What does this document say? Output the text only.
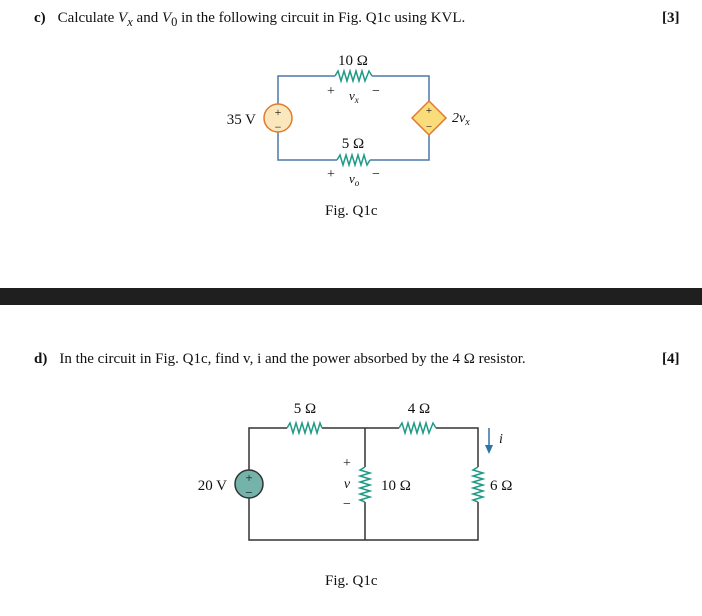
c) Calculate $V_x$ and $V_0$ in the following circuit in Fig. Q1c using KVL.	[3]
+
−
35 V
+
−
$2v_x$
10 Ω
+ $v_x$
−
5 Ω
+ $v_o$
−
Fig. Q1c
d) In the circuit in Fig. Q1c, find v, i and the power absorbed by the 4 Ω resistor.	[4]
+
−
20 V
5 Ω	4 Ω
10 Ω	6 Ω
+
v
−
i
Fig. Q1c
